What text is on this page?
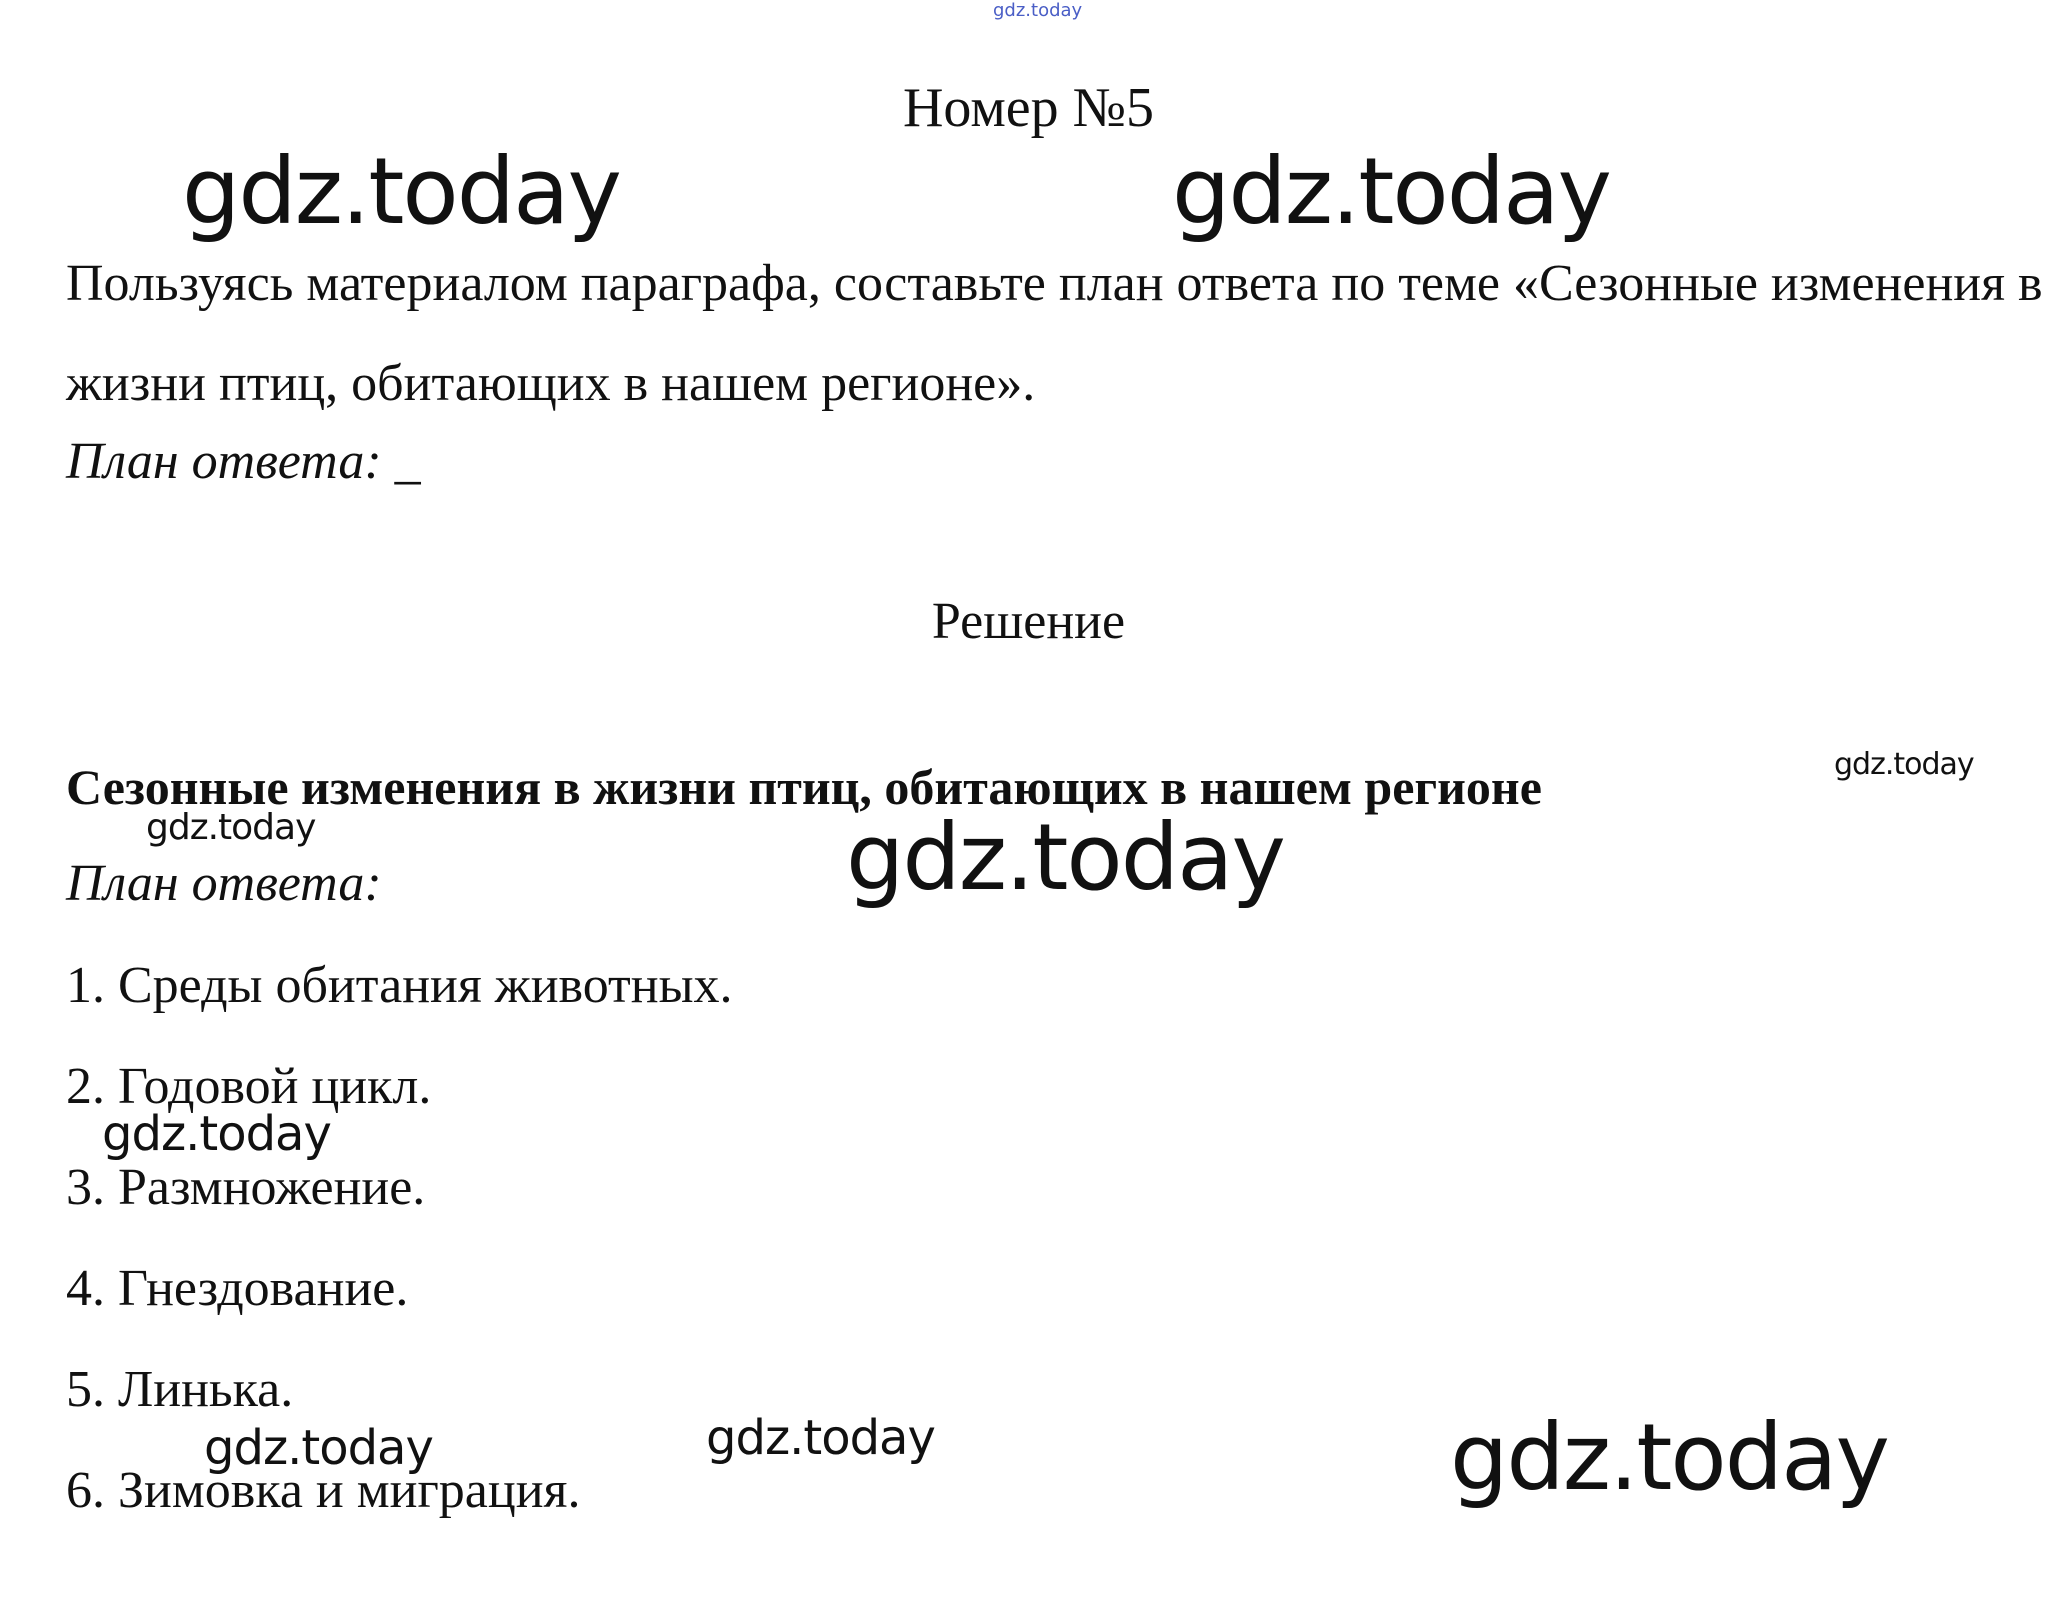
gdz.today
gdz.today	gdz.today
gdz.today
gdz.today	gdz.today
gdz.today
gdz.today	gdz.today	gdz.today
Номер №5
Пользуясь материалом параграфа, составьте план ответа по теме «Сезонные изменения в жизни птиц, обитающих в нашем регионе».
План ответа: _
Решение
Сезонные изменения в жизни птиц, обитающих в нашем регионе
План ответа:
1. Среды обитания животных.
2. Годовой цикл.
3. Размножение.
4. Гнездование.
5. Линька.
6. Зимовка и миграция.
